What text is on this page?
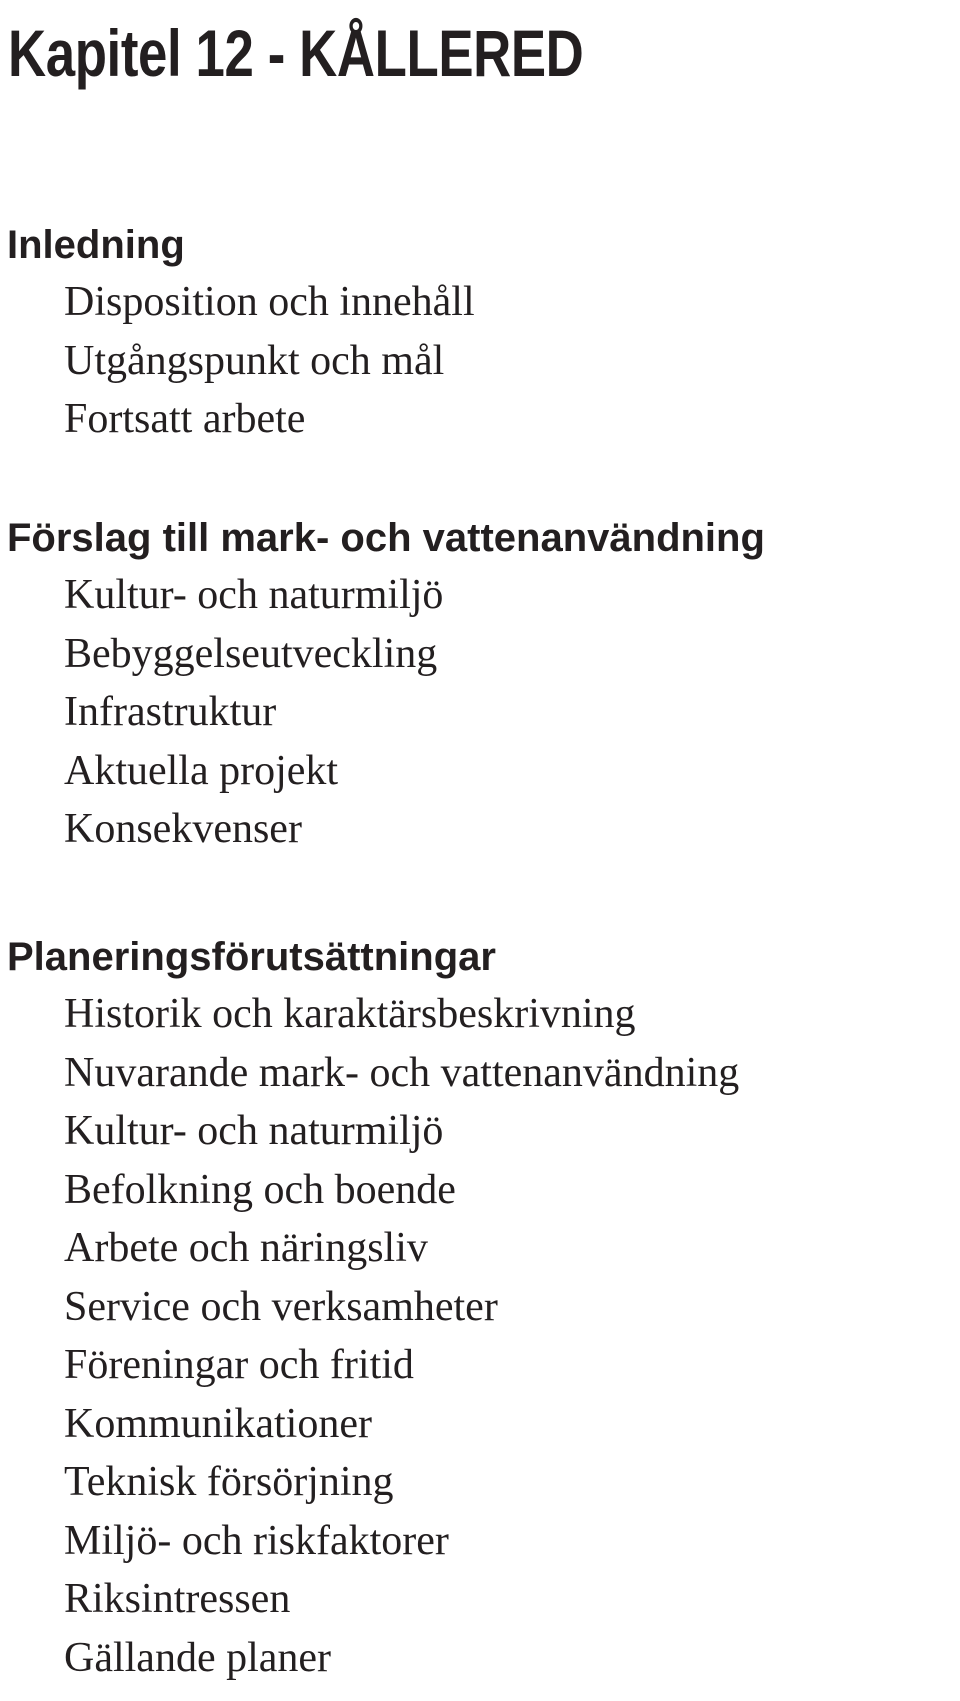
Kapitel 12 - KÅLLERED
Inledning
Disposition och innehåll
Utgångspunkt och mål
Fortsatt arbete
Förslag till mark- och vattenanvändning
Kultur- och naturmiljö
Bebyggelseutveckling
Infrastruktur
Aktuella projekt
Konsekvenser
Planeringsförutsättningar
Historik och karaktärsbeskrivning
Nuvarande mark- och vattenanvändning
Kultur- och naturmiljö
Befolkning och boende
Arbete och näringsliv
Service och verksamheter
Föreningar och fritid
Kommunikationer
Teknisk försörjning
Miljö- och riskfaktorer
Riksintressen
Gällande planer
